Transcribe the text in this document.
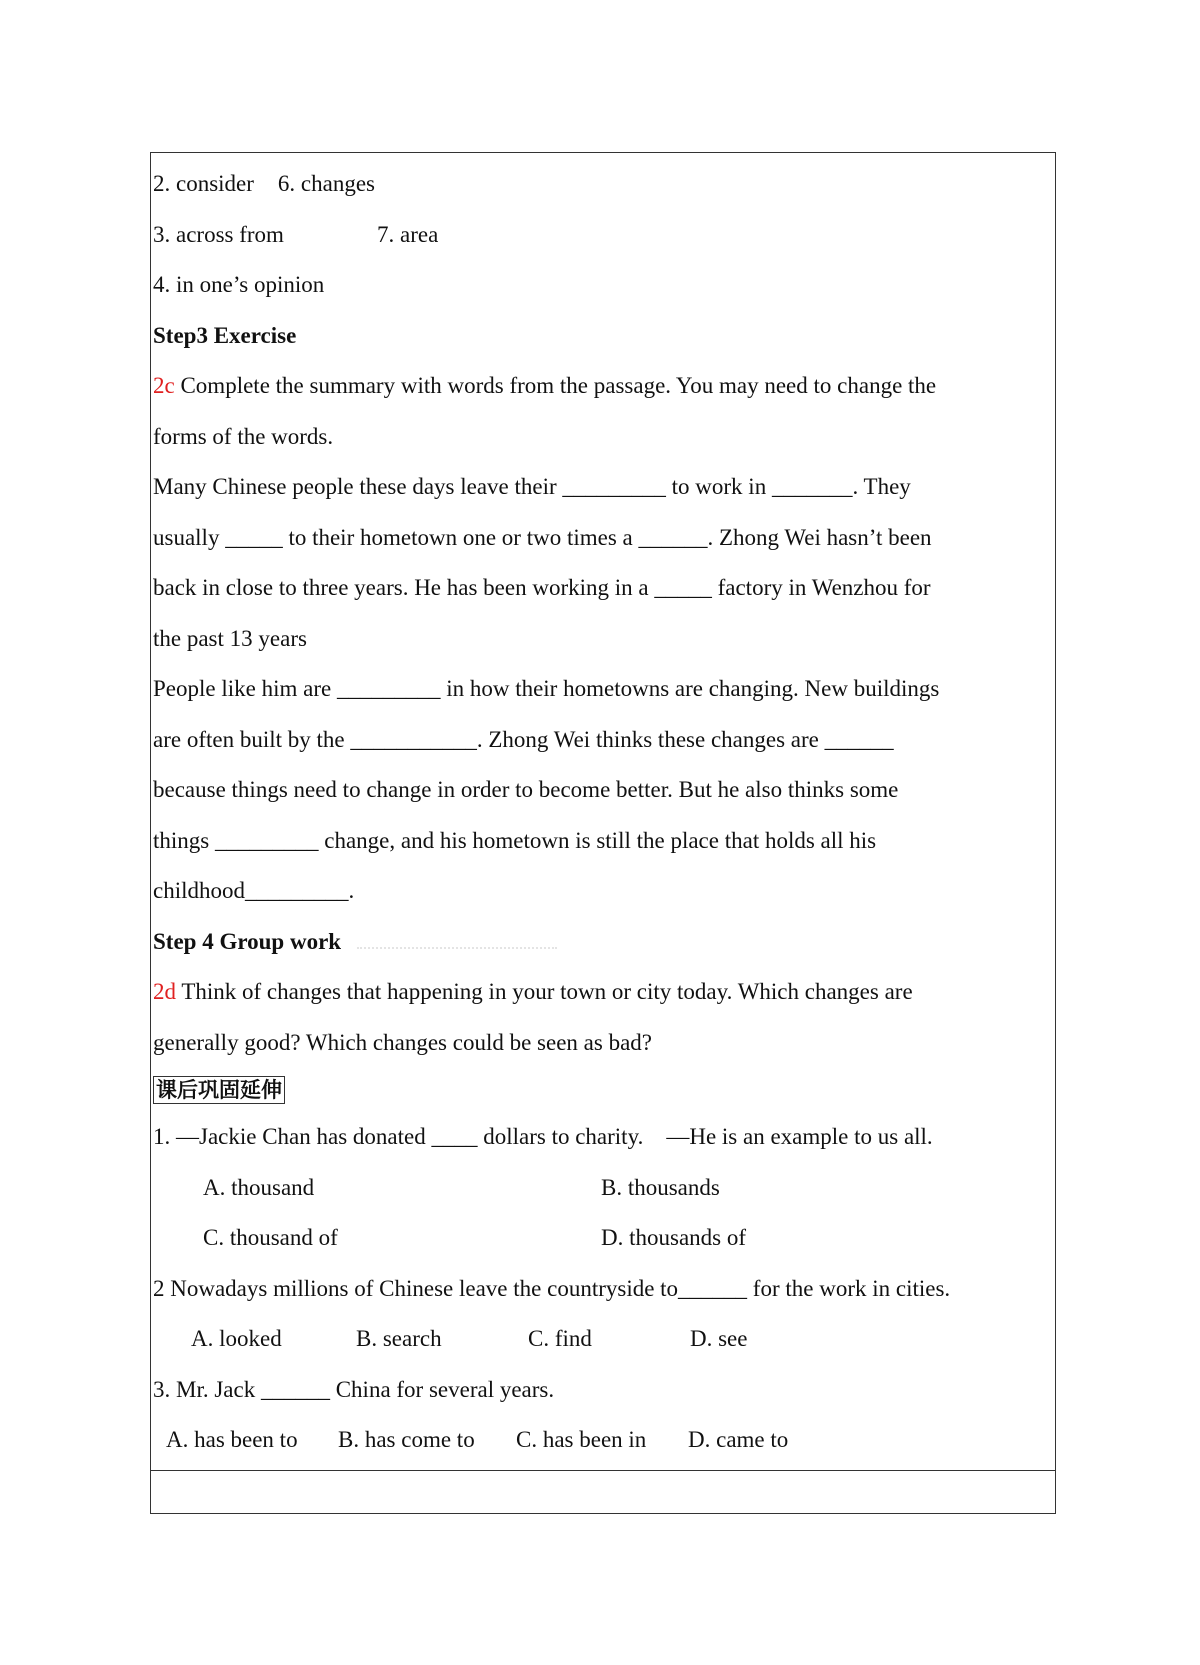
2. consider 6. changes
3. across from	7. area
4. in one’s opinion
Step3 Exercise
2c Complete the summary with words from the passage. You may need to change the
forms of the words.
Many Chinese people these days leave their _________ to work in _______. They
usually _____ to their hometown one or two times a ______. Zhong Wei hasn’t been
back in close to three years. He has been working in a _____ factory in Wenzhou for
the past 13 years
People like him are _________ in how their hometowns are changing. New buildings
are often built by the ___________. Zhong Wei thinks these changes are ______
because things need to change in order to become better. But he also thinks some
things _________ change, and his hometown is still the place that holds all his
childhood_________.
Step 4 Group work
2d Think of changes that happening in your town or city today. Which changes are
generally good? Which changes could be seen as bad?
课后巩固延伸
1. —Jackie Chan has donated ____ dollars to charity.    —He is an example to us all.
A. thousand	B. thousands
C. thousand of	D. thousands of
2 Nowadays millions of Chinese leave the countryside to______ for the work in cities.
A. looked	B. search	C. find	D. see
3. Mr. Jack ______ China for several years.
A. has been to B. has come to C. has been in D. came to
